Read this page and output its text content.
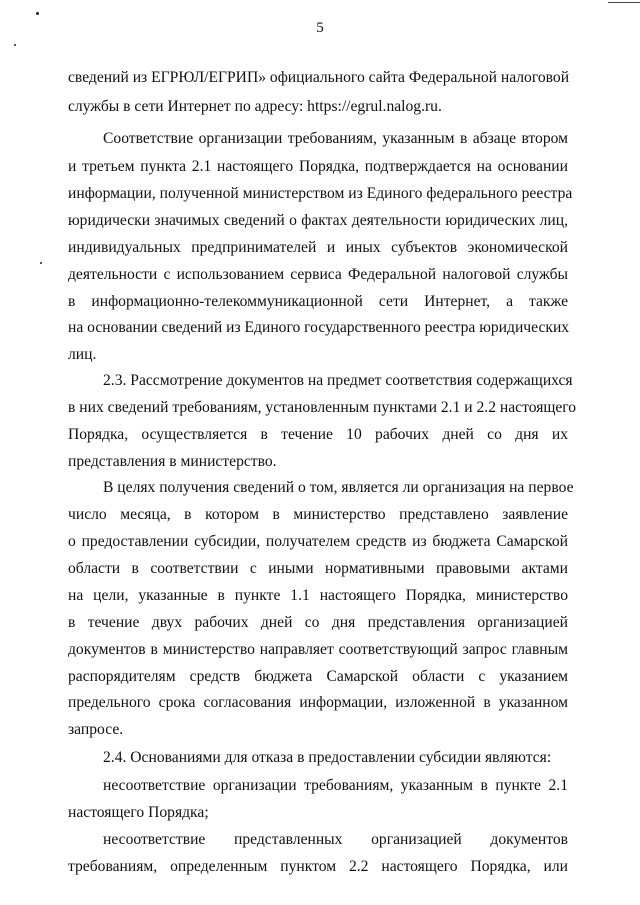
5
сведений из ЕГРЮЛ/ЕГРИП» официального сайта Федеральной налоговой
службы в сети Интернет по адресу: https://egrul.nalog.ru.
Соответствие организации требованиям, указанным в абзаце втором
и третьем пункта 2.1 настоящего Порядка, подтверждается на основании
информации, полученной министерством из Единого федерального реестра
юридически значимых сведений о фактах деятельности юридических лиц,
индивидуальных предпринимателей и иных субъектов экономической
деятельности с использованием сервиса Федеральной налоговой службы
в информационно-телекоммуникационной сети Интернет, а также
на основании сведений из Единого государственного реестра юридических
лиц.
2.3. Рассмотрение документов на предмет соответствия содержащихся
в них сведений требованиям, установленным пунктами 2.1 и 2.2 настоящего
Порядка, осуществляется в течение 10 рабочих дней со дня их
представления в министерство.
В целях получения сведений о том, является ли организация на первое
число месяца, в котором в министерство представлено заявление
о предоставлении субсидии, получателем средств из бюджета Самарской
области в соответствии с иными нормативными правовыми актами
на цели, указанные в пункте 1.1 настоящего Порядка, министерство
в течение двух рабочих дней со дня представления организацией
документов в министерство направляет соответствующий запрос главным
распорядителям средств бюджета Самарской области с указанием
предельного срока согласования информации, изложенной в указанном
запросе.
2.4. Основаниями для отказа в предоставлении субсидии являются:
несоответствие организации требованиям, указанным в пункте 2.1
настоящего Порядка;
несоответствие представленных организацией документов
требованиям, определенным пунктом 2.2 настоящего Порядка, или
